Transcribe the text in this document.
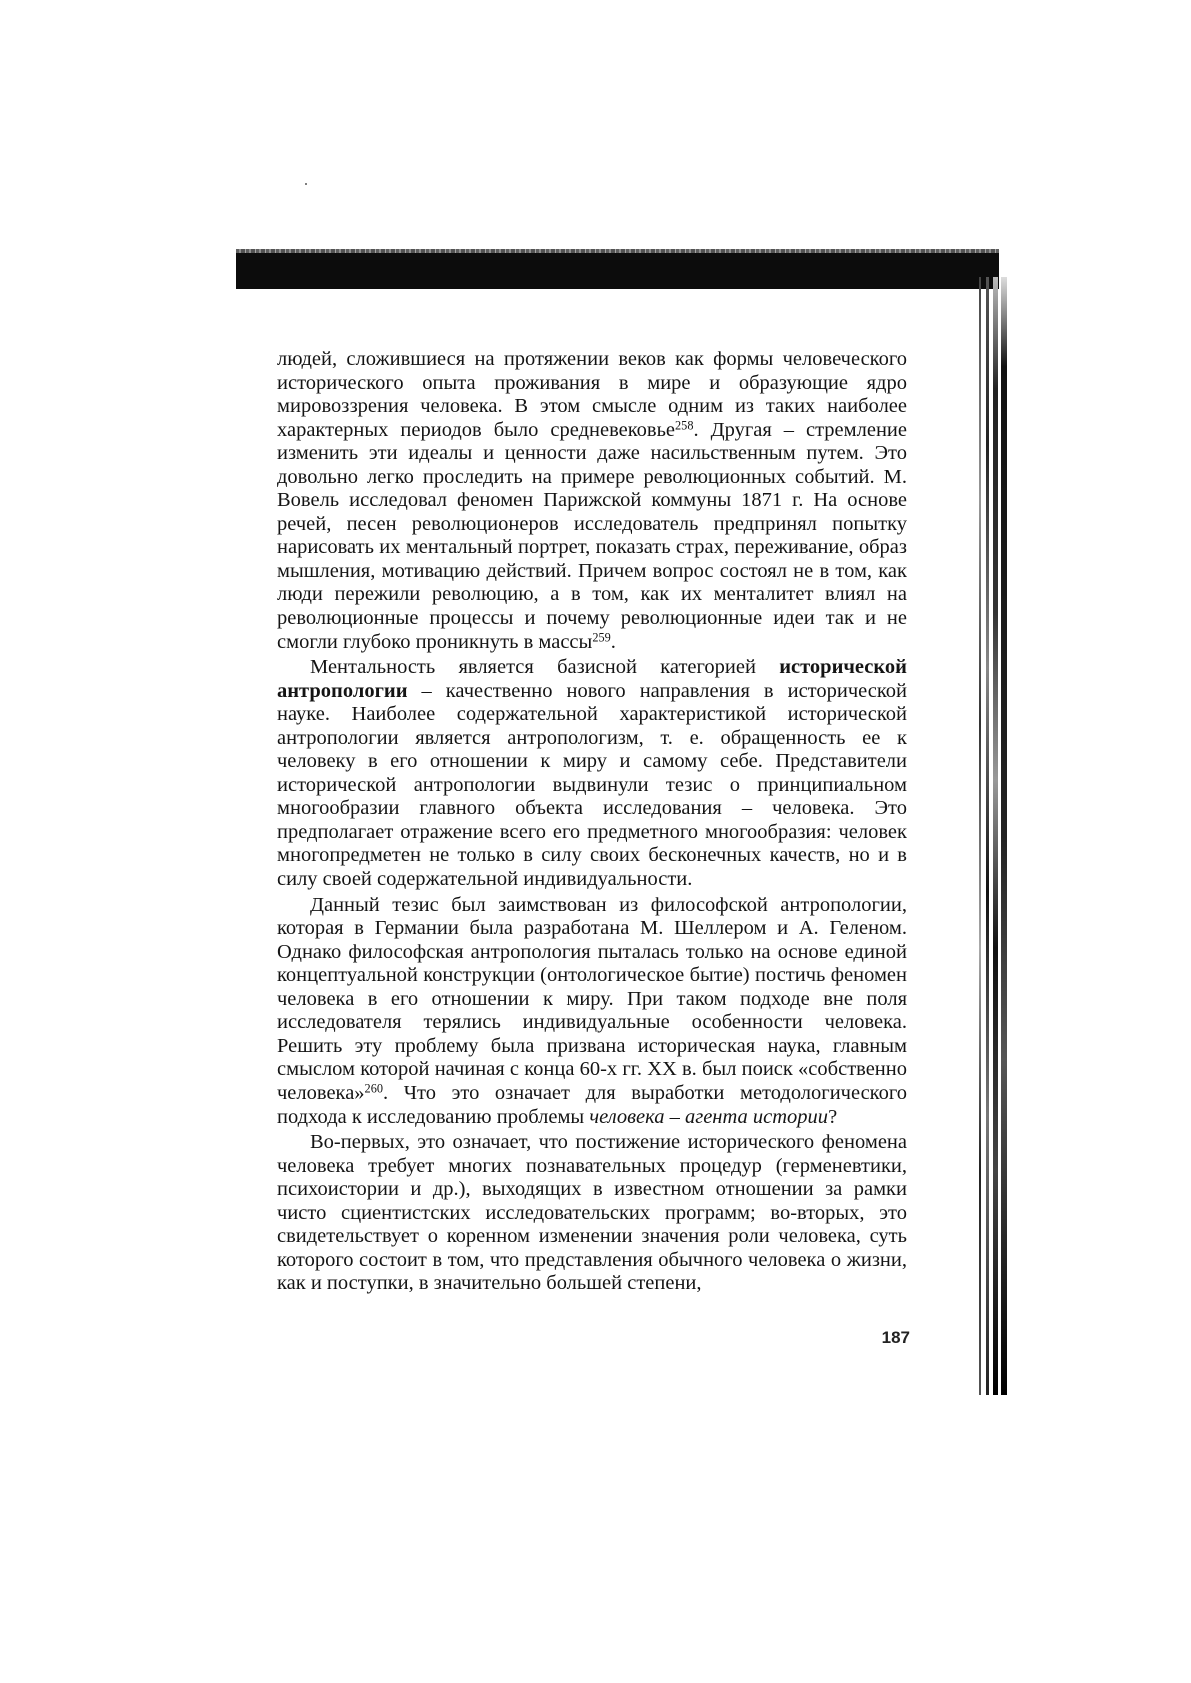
людей, сложившиеся на протяжении веков как формы человеческого исторического опыта проживания в мире и образующие ядро мировоззрения человека. В этом смысле одним из таких наиболее характерных периодов было средневековье$^{258}$. Другая – стремление изменить эти идеалы и ценности даже насильственным путем. Это довольно легко проследить на примере революционных событий. М. Вовель исследовал феномен Парижской коммуны 1871 г. На основе речей, песен революционеров исследователь предпринял попытку нарисовать их ментальный портрет, показать страх, переживание, образ мышления, мотивацию действий. Причем вопрос состоял не в том, как люди пережили революцию, а в том, как их менталитет влиял на революционные процессы и почему революционные идеи так и не смогли глубоко проникнуть в массы$^{259}$.

Ментальность является базисной категорией исторической антропологии – качественно нового направления в исторической науке. Наиболее содержательной характеристикой исторической антропологии является антропологизм, т. е. обращенность ее к человеку в его отношении к миру и самому себе. Представители исторической антропологии выдвинули тезис о принципиальном многообразии главного объекта исследования – человека. Это предполагает отражение всего его предметного многообразия: человек многопредметен не только в силу своих бесконечных качеств, но и в силу своей содержательной индивидуальности.

Данный тезис был заимствован из философской антропологии, которая в Германии была разработана М. Шеллером и А. Геленом. Однако философская антропология пыталась только на основе единой концептуальной конструкции (онтологическое бытие) постичь феномен человека в его отношении к миру. При таком подходе вне поля исследователя терялись индивидуальные особенности человека. Решить эту проблему была призвана историческая наука, главным смыслом которой начиная с конца 60-х гг. XX в. был поиск «собственно человека»$^{260}$. Что это означает для выработки методологического подхода к исследованию проблемы человека – агента истории?

Во-первых, это означает, что постижение исторического феномена человека требует многих познавательных процедур (герменевтики, психоистории и др.), выходящих в известном отношении за рамки чисто сциентистских исследовательских программ; во-вторых, это свидетельствует о коренном изменении значения роли человека, суть которого состоит в том, что представления обычного человека о жизни, как и поступки, в значительно большей степени,

187
